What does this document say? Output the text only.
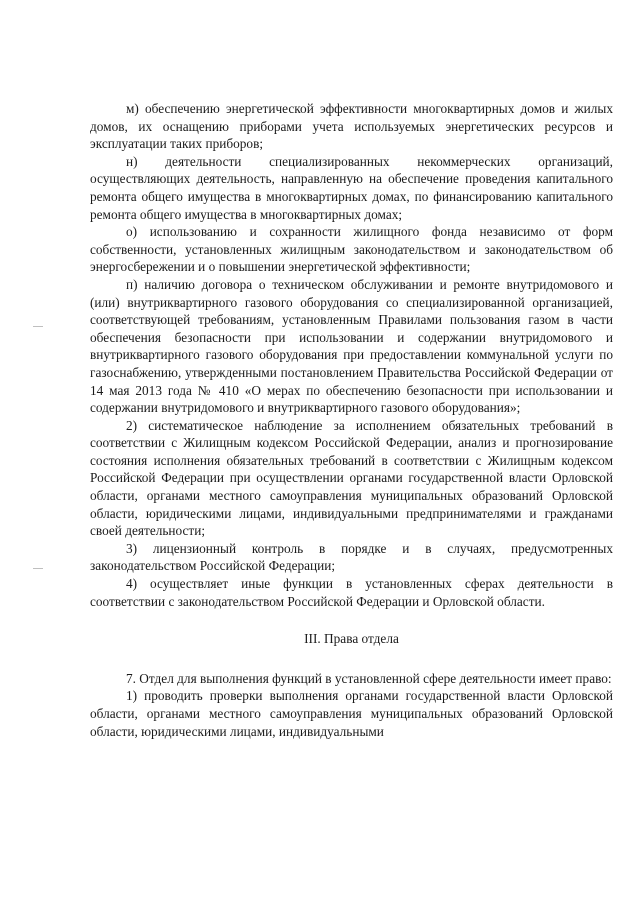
м) обеспечению энергетической эффективности многоквартирных домов и жилых домов, их оснащению приборами учета используемых энергетических ресурсов и эксплуатации таких приборов;

н) деятельности специализированных некоммерческих организаций, осуществляющих деятельность, направленную на обеспечение проведения капитального ремонта общего имущества в многоквартирных домах, по финансированию капитального ремонта общего имущества в многоквартирных домах;

о) использованию и сохранности жилищного фонда независимо от форм собственности, установленных жилищным законодательством и законодательством об энергосбережении и о повышении энергетической эффективности;

п) наличию договора о техническом обслуживании и ремонте внутридомового и (или) внутриквартирного газового оборудования со специализированной организацией, соответствующей требованиям, установленным Правилами пользования газом в части обеспечения безопасности при использовании и содержании внутридомового и внутриквартирного газового оборудования при предоставлении коммунальной услуги по газоснабжению, утвержденными постановлением Правительства Российской Федерации от 14 мая 2013 года № 410 «О мерах по обеспечению безопасности при использовании и содержании внутридомового и внутриквартирного газового оборудования»;

2) систематическое наблюдение за исполнением обязательных требований в соответствии с Жилищным кодексом Российской Федерации, анализ и прогнозирование состояния исполнения обязательных требований в соответствии с Жилищным кодексом Российской Федерации при осуществлении органами государственной власти Орловской области, органами местного самоуправления муниципальных образований Орловской области, юридическими лицами, индивидуальными предпринимателями и гражданами своей деятельности;

3) лицензионный контроль в порядке и в случаях, предусмотренных законодательством Российской Федерации;

4) осуществляет иные функции в установленных сферах деятельности в соответствии с законодательством Российской Федерации и Орловской области.

III. Права отдела

7. Отдел для выполнения функций в установленной сфере деятельности имеет право:

1) проводить проверки выполнения органами государственной власти Орловской области, органами местного самоуправления муниципальных образований Орловской области, юридическими лицами, индивидуальными
